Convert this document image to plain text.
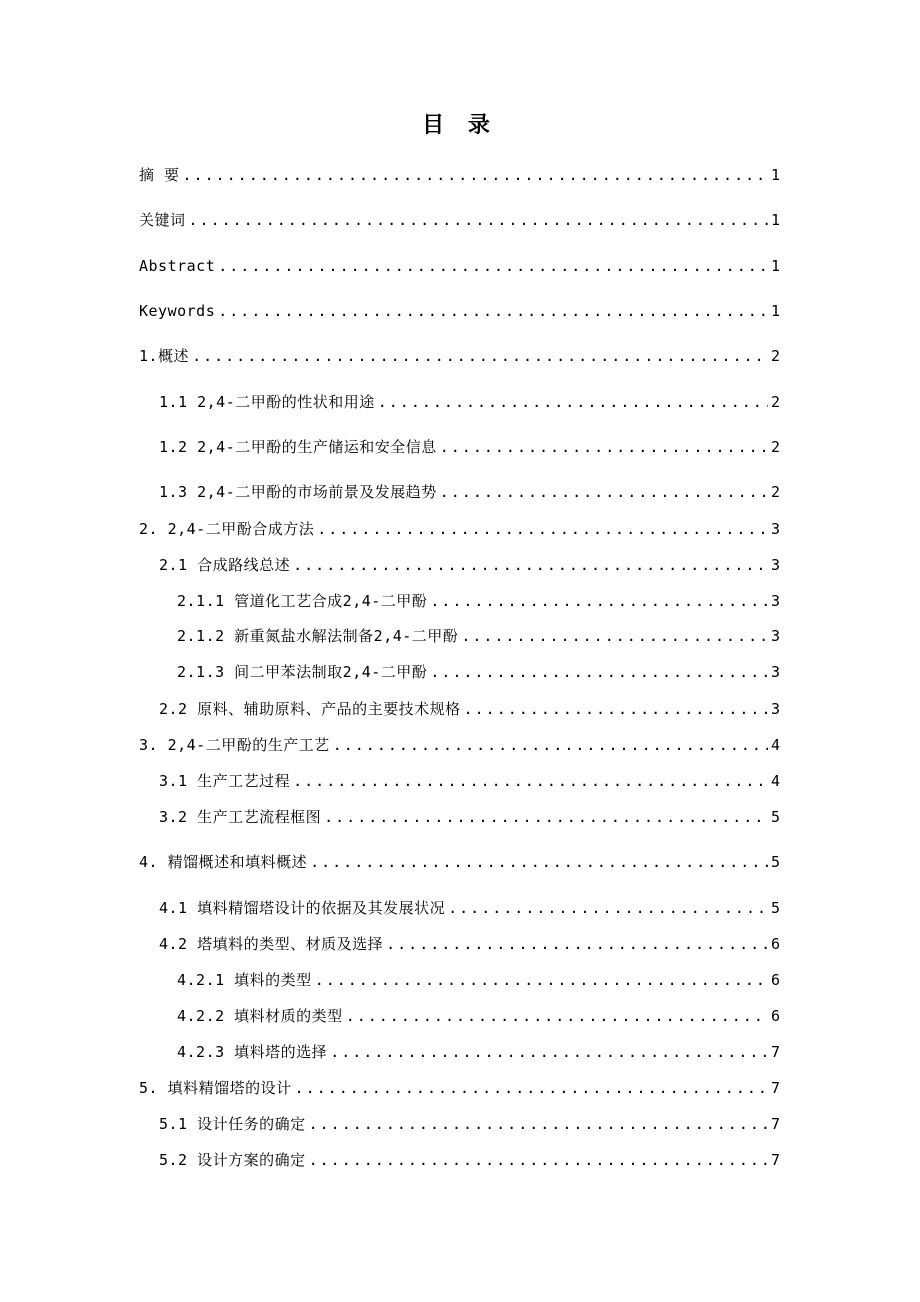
目 录
摘 要 .....	1
关键词 .....	1
Abstract .....	1
Keywords .....	1
1.概述 .....	2
1.1 2,4-二甲酚的性状和用途 .....	2
1.2 2,4-二甲酚的生产储运和安全信息 .....	2
1.3 2,4-二甲酚的市场前景及发展趋势 .....	2
2. 2,4-二甲酚合成方法 .....	3
2.1 合成路线总述 .....	3
2.1.1 管道化工艺合成2,4-二甲酚 .....	3
2.1.2 新重氮盐水解法制备2,4-二甲酚 .....	3
2.1.3 间二甲苯法制取2,4-二甲酚 .....	3
2.2 原料、辅助原料、产品的主要技术规格 .....	3
3. 2,4-二甲酚的生产工艺 .....	4
3.1 生产工艺过程 .....	4
3.2 生产工艺流程框图 .....	5
4. 精馏概述和填料概述 .....	5
4.1 填料精馏塔设计的依据及其发展状况 .....	5
4.2 塔填料的类型、材质及选择 .....	6
4.2.1 填料的类型 .....	6
4.2.2 填料材质的类型 .....	6
4.2.3 填料塔的选择 .....	7
5. 填料精馏塔的设计 .....	7
5.1 设计任务的确定 .....	7
5.2 设计方案的确定 .....	7
